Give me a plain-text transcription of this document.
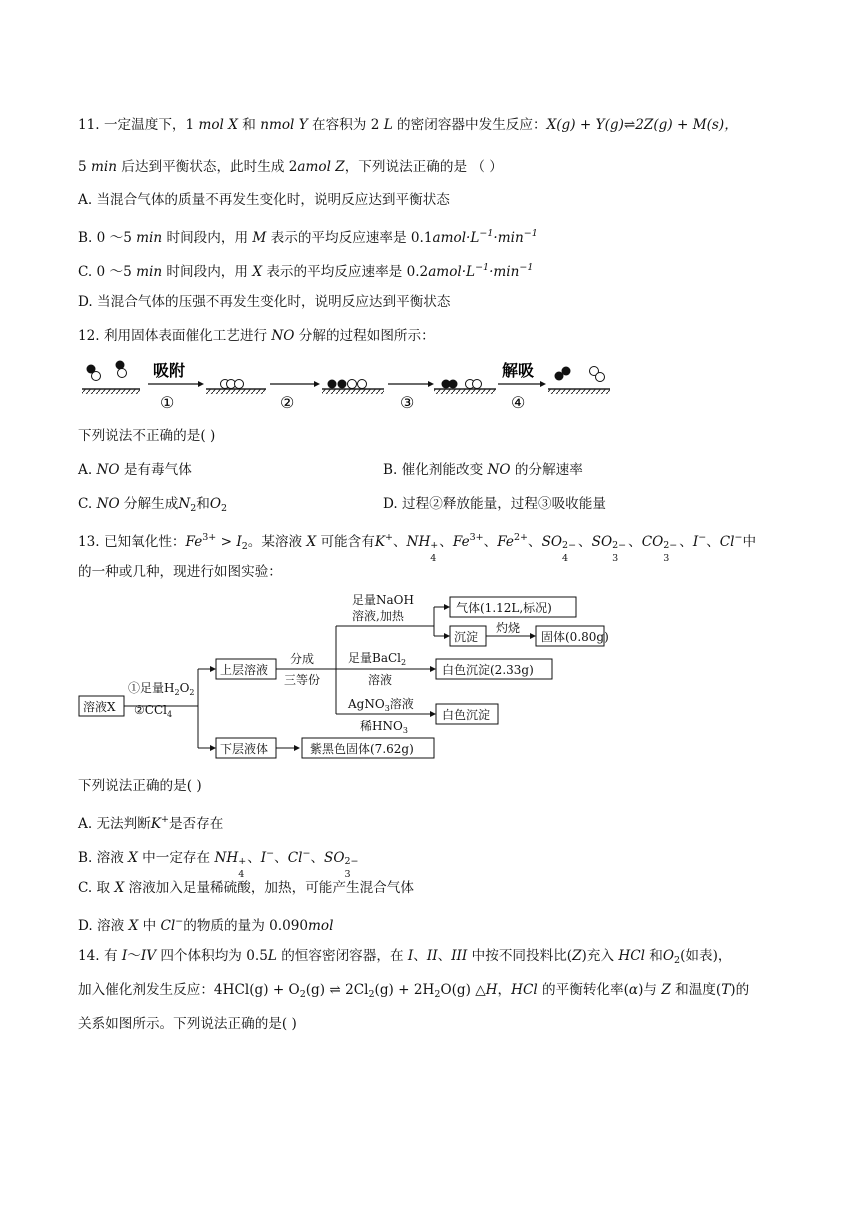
11. 一定温度下，1 mol X 和 nmol Y 在容积为 2 L 的密闭容器中发生反应：X(g) + Y(g)⇌2Z(g) + M(s)，
5 min 后达到平衡状态，此时生成 2amol Z，下列说法正确的是 （ ）
A. 当混合气体的质量不再发生变化时，说明反应达到平衡状态
B. 0 ～5 min 时间段内，用 M 表示的平均反应速率是 $0.1amol\cdot L^{-1}\cdot\min^{-1}$
C. 0 ～5 min 时间段内，用 X 表示的平均反应速率是 $0.2amol\cdot L^{-1}\cdot\min^{-1}$
D. 当混合气体的压强不再发生变化时，说明反应达到平衡状态
12. 利用固体表面催化工艺进行 NO 分解的过程如图所示：
吸附
①	②	③
解吸
④
下列说法不正确的是( )
A. NO 是有毒气体	B. 催化剂能改变 NO 的分解速率
C. NO 分解生成$N_2$和$O_2$	D. 过程②释放能量，过程③吸收能量
13. 已知氧化性：$Fe^{3+} > I_2$。某溶液 X 可能含有K+、NH +
4
、$Fe^{3+}$、$Fe^{2+}$、SO 2−
4
、SO 2−
3
、CO 2−
3
、I−、Cl−中
的一种或几种，现进行如图实验：
溶液X
①足量$H_2O_2$
②CCl$_4$
上层溶液
下层液体
分成
三等份
足量NaOH
溶液,加热
气体(1.12L,标况)
沉淀
灼烧
固体(0.80g)
足量BaCl$_2$
溶液
白色沉淀(2.33g)
AgNO$_3$溶液
稀$HNO_3$
白色沉淀
紫黑色固体(7.62g)
下列说法正确的是( )
A. 无法判断K+是否存在
B. 溶液 X 中一定存在 NH +
4
、I−、Cl−、SO 2−
3
C. 取 X 溶液加入足量稀硫酸，加热，可能产生混合气体
D. 溶液 X 中 Cl−的物质的量为 0.090mol
14. 有 I～IV 四个体积均为 0.5L 的恒容密闭容器，在 I、II、III 中按不同投料比(Z)充入 HCl 和$O_2$(如表)，
加入催化剂发生反应：$4HCl(g) + O_2(g)$ ⇌ $2Cl_2(g) + 2H_2O(g)$ △H，HCl 的平衡转化率(α)与 Z 和温度(T)的
关系如图所示。下列说法正确的是( )
